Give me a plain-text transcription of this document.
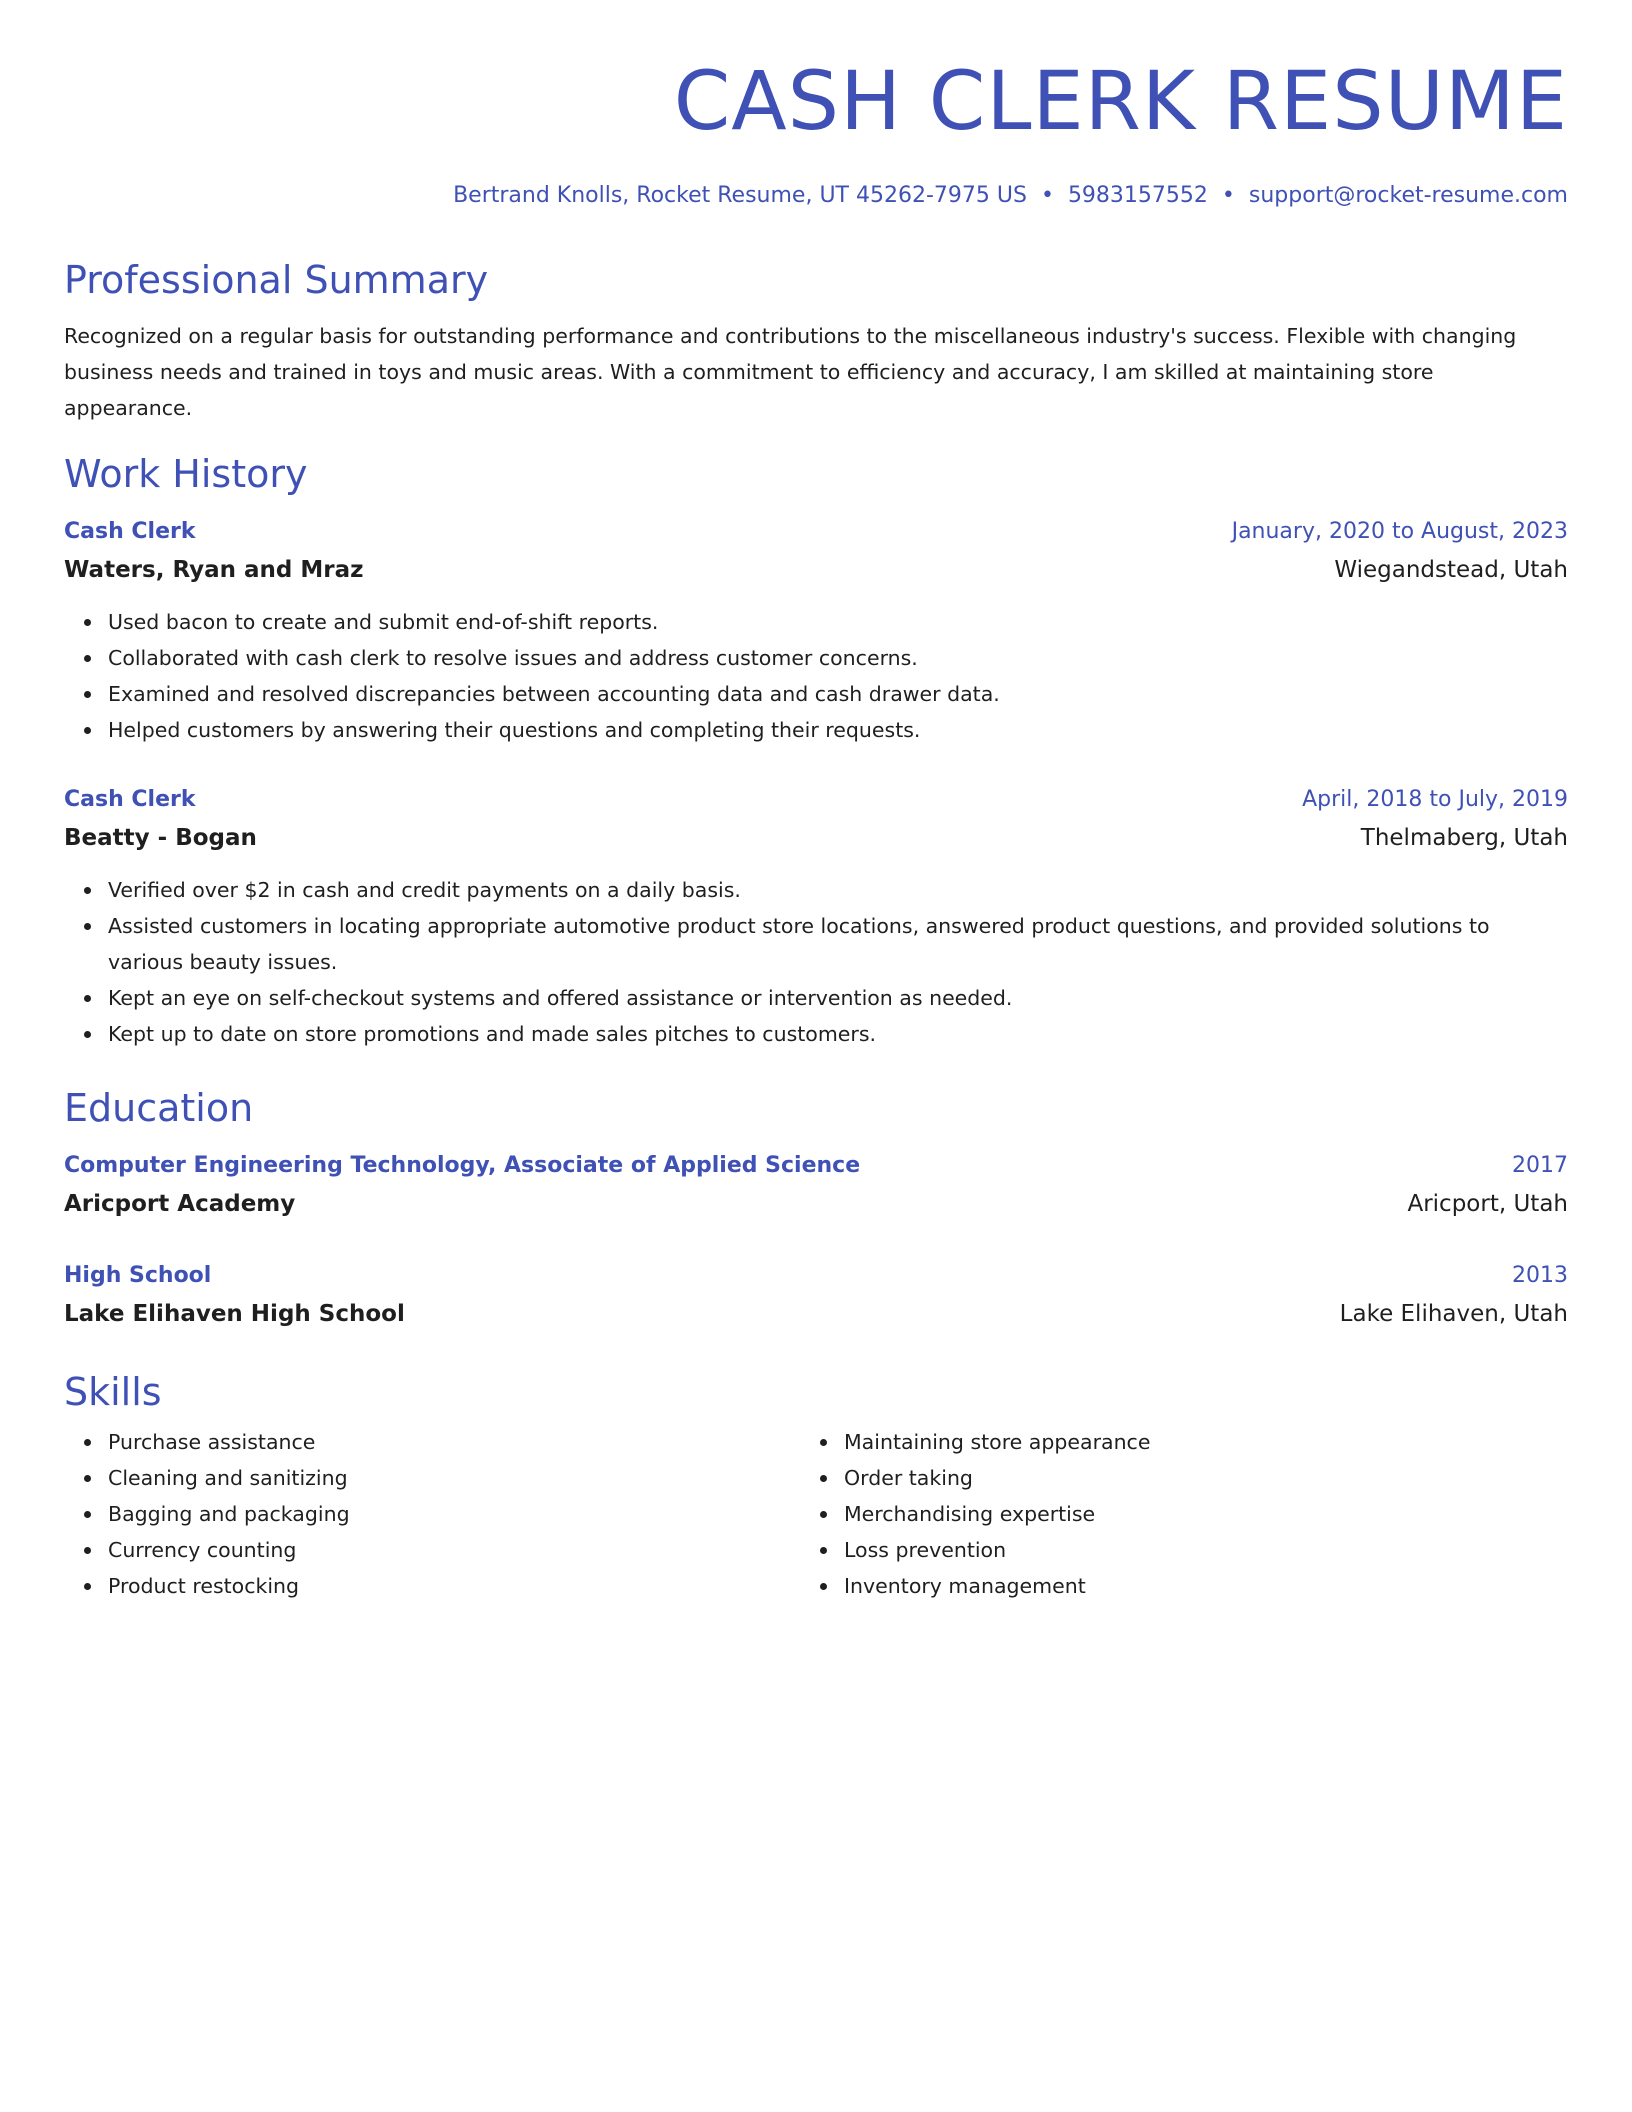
CASH CLERK RESUME
Bertrand Knolls, Rocket Resume, UT 45262-7975 US • 5983157552 • support@rocket-resume.com
Professional Summary
Recognized on a regular basis for outstanding performance and contributions to the miscellaneous industry's success. Flexible with changing business needs and trained in toys and music areas. With a commitment to efficiency and accuracy, I am skilled at maintaining store appearance.
Work History
Cash Clerk	January, 2020 to August, 2023
Waters, Ryan and Mraz	Wiegandstead, Utah
Used bacon to create and submit end-of-shift reports.
Collaborated with cash clerk to resolve issues and address customer concerns.
Examined and resolved discrepancies between accounting data and cash drawer data.
Helped customers by answering their questions and completing their requests.
Cash Clerk	April, 2018 to July, 2019
Beatty - Bogan	Thelmaberg, Utah
Verified over $2 in cash and credit payments on a daily basis.
Assisted customers in locating appropriate automotive product store locations, answered product questions, and provided solutions to various beauty issues.
Kept an eye on self-checkout systems and offered assistance or intervention as needed.
Kept up to date on store promotions and made sales pitches to customers.
Education
Computer Engineering Technology, Associate of Applied Science	2017
Aricport Academy	Aricport, Utah
High School	2013
Lake Elihaven High School	Lake Elihaven, Utah
Skills
Purchase assistance
Cleaning and sanitizing
Bagging and packaging
Currency counting
Product restocking
Maintaining store appearance
Order taking
Merchandising expertise
Loss prevention
Inventory management
